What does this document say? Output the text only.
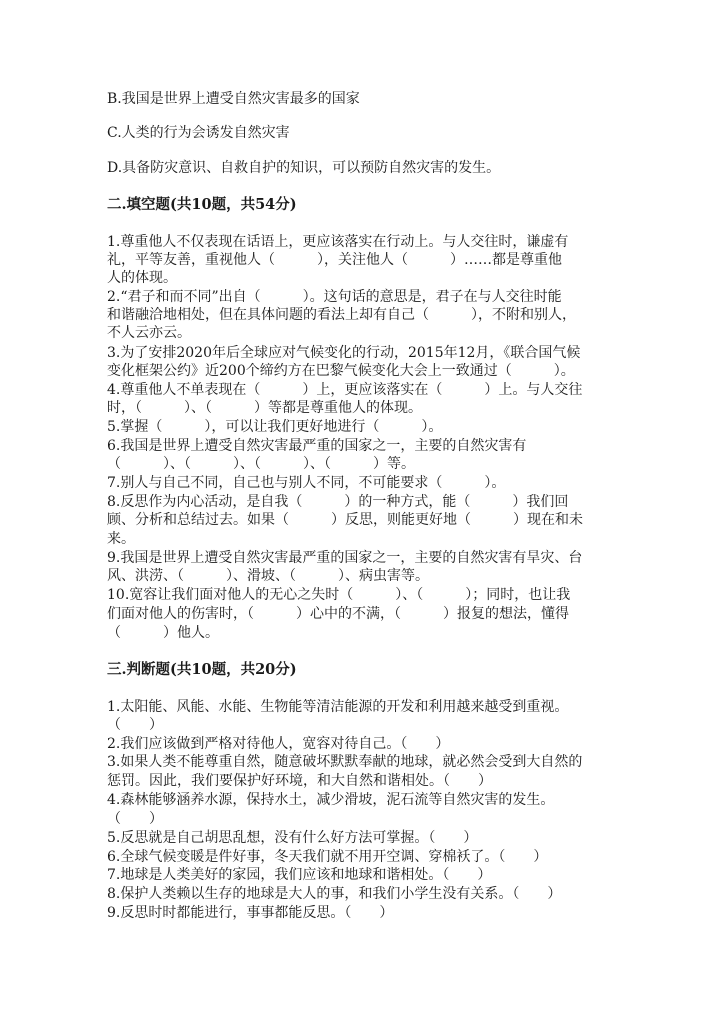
B.我国是世界上遭受自然灾害最多的国家
C.人类的行为会诱发自然灾害
D.具备防灾意识、自救自护的知识，可以预防自然灾害的发生。
二.填空题(共10题，共54分)
1.尊重他人不仅表现在话语上，更应该落实在行动上。与人交往时，谦虚有
礼，平等友善，重视他人（　　　），关注他人（　　　）……都是尊重他
人的体现。
2.“君子和而不同”出自（　　　）。这句话的意思是，君子在与人交往时能
和谐融洽地相处，但在具体问题的看法上却有自己（　　　），不附和别人，
不人云亦云。
3.为了安排2020年后全球应对气候变化的行动，2015年12月，《联合国气候
变化框架公约》近200个缔约方在巴黎气候变化大会上一致通过（　　　）。
4.尊重他人不单表现在（　　　）上，更应该落实在（　　　）上。与人交往
时，（　　　）、（　　　）等都是尊重他人的体现。
5.掌握（　　　），可以让我们更好地进行（　　　）。
6.我国是世界上遭受自然灾害最严重的国家之一，主要的自然灾害有
（　　　）、（　　　）、（　　　）、（　　　）等。
7.别人与自己不同，自己也与别人不同，不可能要求（　　　）。
8.反思作为内心活动，是自我（　　　）的一种方式，能（　　　）我们回
顾、分析和总结过去。如果（　　　）反思，则能更好地（　　　）现在和未
来。
9.我国是世界上遭受自然灾害最严重的国家之一，主要的自然灾害有旱灾、台
风、洪涝、（　　　）、滑坡、（　　　）、病虫害等。
10.宽容让我们面对他人的无心之失时（　　　）、（　　　）；同时，也让我
们面对他人的伤害时，（　　　）心中的不满，（　　　）报复的想法，懂得
（　　　）他人。
三.判断题(共10题，共20分)
1.太阳能、风能、水能、生物能等清洁能源的开发和利用越来越受到重视。
（　　）
2.我们应该做到严格对待他人，宽容对待自己。（　　）
3.如果人类不能尊重自然，随意破坏默默奉献的地球，就必然会受到大自然的
惩罚。因此，我们要保护好环境，和大自然和谐相处。（　　）
4.森林能够涵养水源，保持水土，减少滑坡，泥石流等自然灾害的发生。
（　　）
5.反思就是自己胡思乱想，没有什么好方法可掌握。（　　）
6.全球气候变暖是件好事，冬天我们就不用开空调、穿棉袄了。（　　）
7.地球是人类美好的家园，我们应该和地球和谐相处。（　　）
8.保护人类赖以生存的地球是大人的事，和我们小学生没有关系。（　　）
9.反思时时都能进行，事事都能反思。（　　）
